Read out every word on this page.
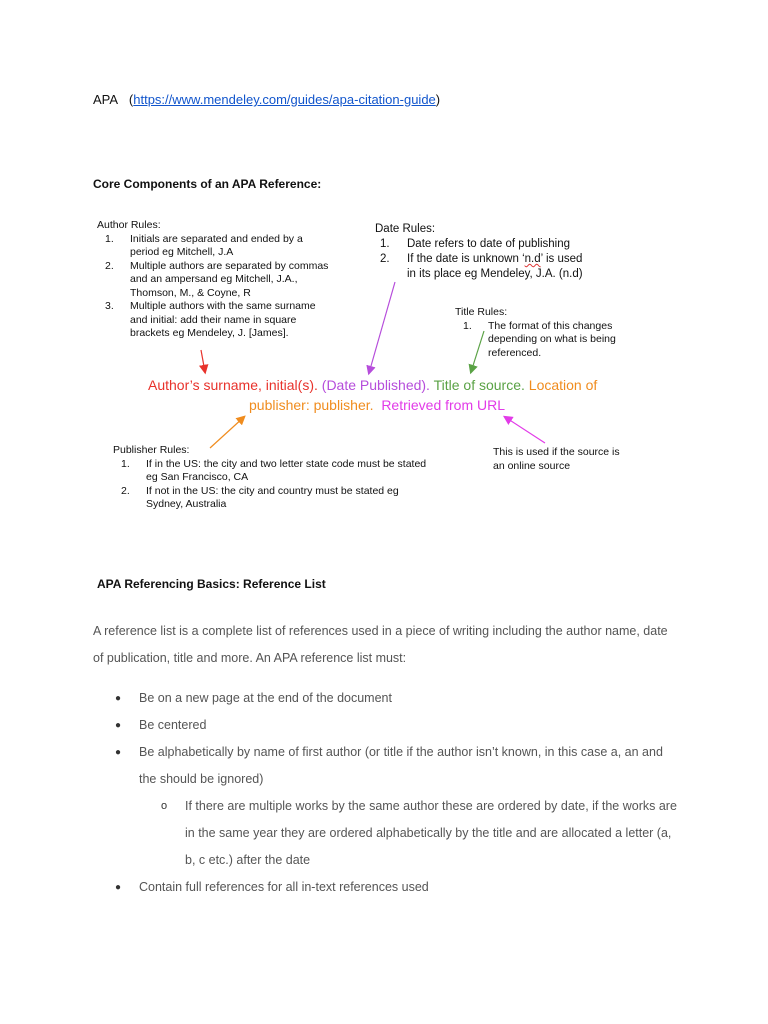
APA (https://www.mendeley.com/guides/apa-citation-guide)
Core Components of an APA Reference:
Author Rules:
1. Initials are separated and ended by a
period eg Mitchell, J.A
2. Multiple authors are separated by commas
and an ampersand eg Mitchell, J.A.,
Thomson, M., & Coyne, R
3. Multiple authors with the same surname
and initial: add their name in square
brackets eg Mendeley, J. [James].
Date Rules:
1. Date refers to date of publishing
2. If the date is unknown ‘n.d’ is used
in its place eg Mendeley, J.A. (n.d)
Title Rules:
1. The format of this changes
depending on what is being
referenced.
Author’s surname, initial(s). (Date Published). Title of source. Location of
publisher: publisher. Retrieved from URL
Publisher Rules:
1. If in the US: the city and two letter state code must be stated
eg San Francisco, CA
2. If not in the US: the city and country must be stated eg
Sydney, Australia
This is used if the source is
an online source
APA Referencing Basics: Reference List
A reference list is a complete list of references used in a piece of writing including the author name, date of publication, title and more. An APA reference list must:
● Be on a new page at the end of the document
● Be centered
● Be alphabetically by name of first author (or title if the author isn’t known, in this case a, an and the should be ignored)
o If there are multiple works by the same author these are ordered by date, if the works are in the same year they are ordered alphabetically by the title and are allocated a letter (a, b, c etc.) after the date
● Contain full references for all in-text references used
